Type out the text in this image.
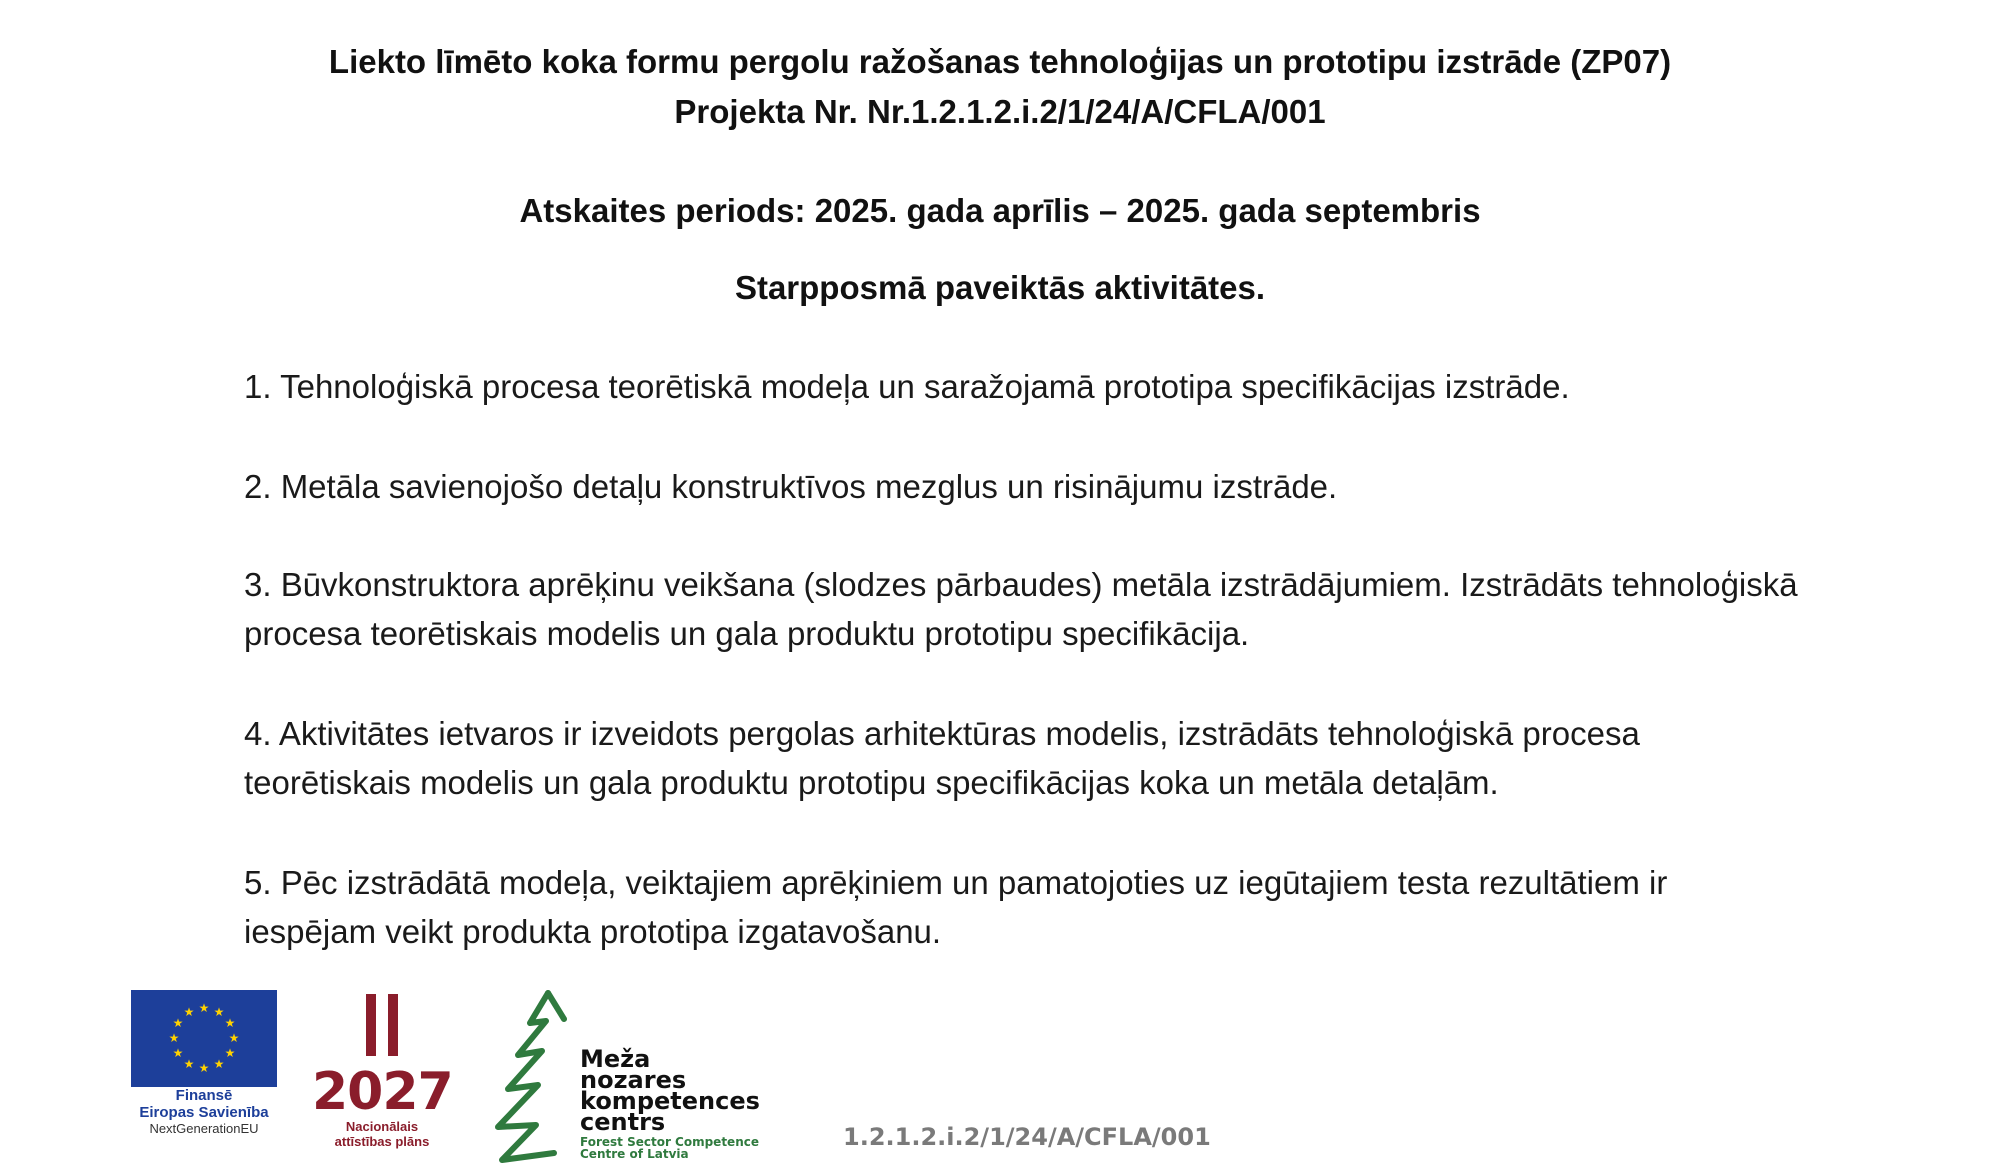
Liekto līmēto koka formu pergolu ražošanas tehnoloģijas un prototipu izstrāde (ZP07)
Projekta Nr. Nr.1.2.1.2.i.2/1/24/A/CFLA/001
Atskaites periods: 2025. gada aprīlis – 2025. gada septembris
Starpposmā paveiktās aktivitātes.
1. Tehnoloģiskā procesa teorētiskā modeļa un saražojamā prototipa specifikācijas izstrāde.
2. Metāla savienojošo detaļu konstruktīvos mezglus un risinājumu izstrāde.
3. Būvkonstruktora aprēķinu veikšana (slodzes pārbaudes) metāla izstrādājumiem. Izstrādāts tehnoloģiskā procesa teorētiskais modelis un gala produktu prototipu specifikācija.
4. Aktivitātes ietvaros ir izveidots pergolas arhitektūras modelis, izstrādāts tehnoloģiskā procesa teorētiskais modelis un gala produktu prototipu specifikācijas koka un metāla detaļām.
5. Pēc izstrādātā modeļa, veiktajiem aprēķiniem un pamatojoties uz iegūtajiem testa rezultātiem ir iespējam veikt produkta prototipa izgatavošanu.
★ ★
★
★
★
★
★
★
★
★
★
★
Finansē
Eiropas Savienība
NextGenerationEU
2027
Nacionālais
attīstības plāns
Meža
nozares
kompetences
centrs
Forest Sector Competence
Centre of Latvia
1.2.1.2.i.2/1/24/A/CFLA/001
